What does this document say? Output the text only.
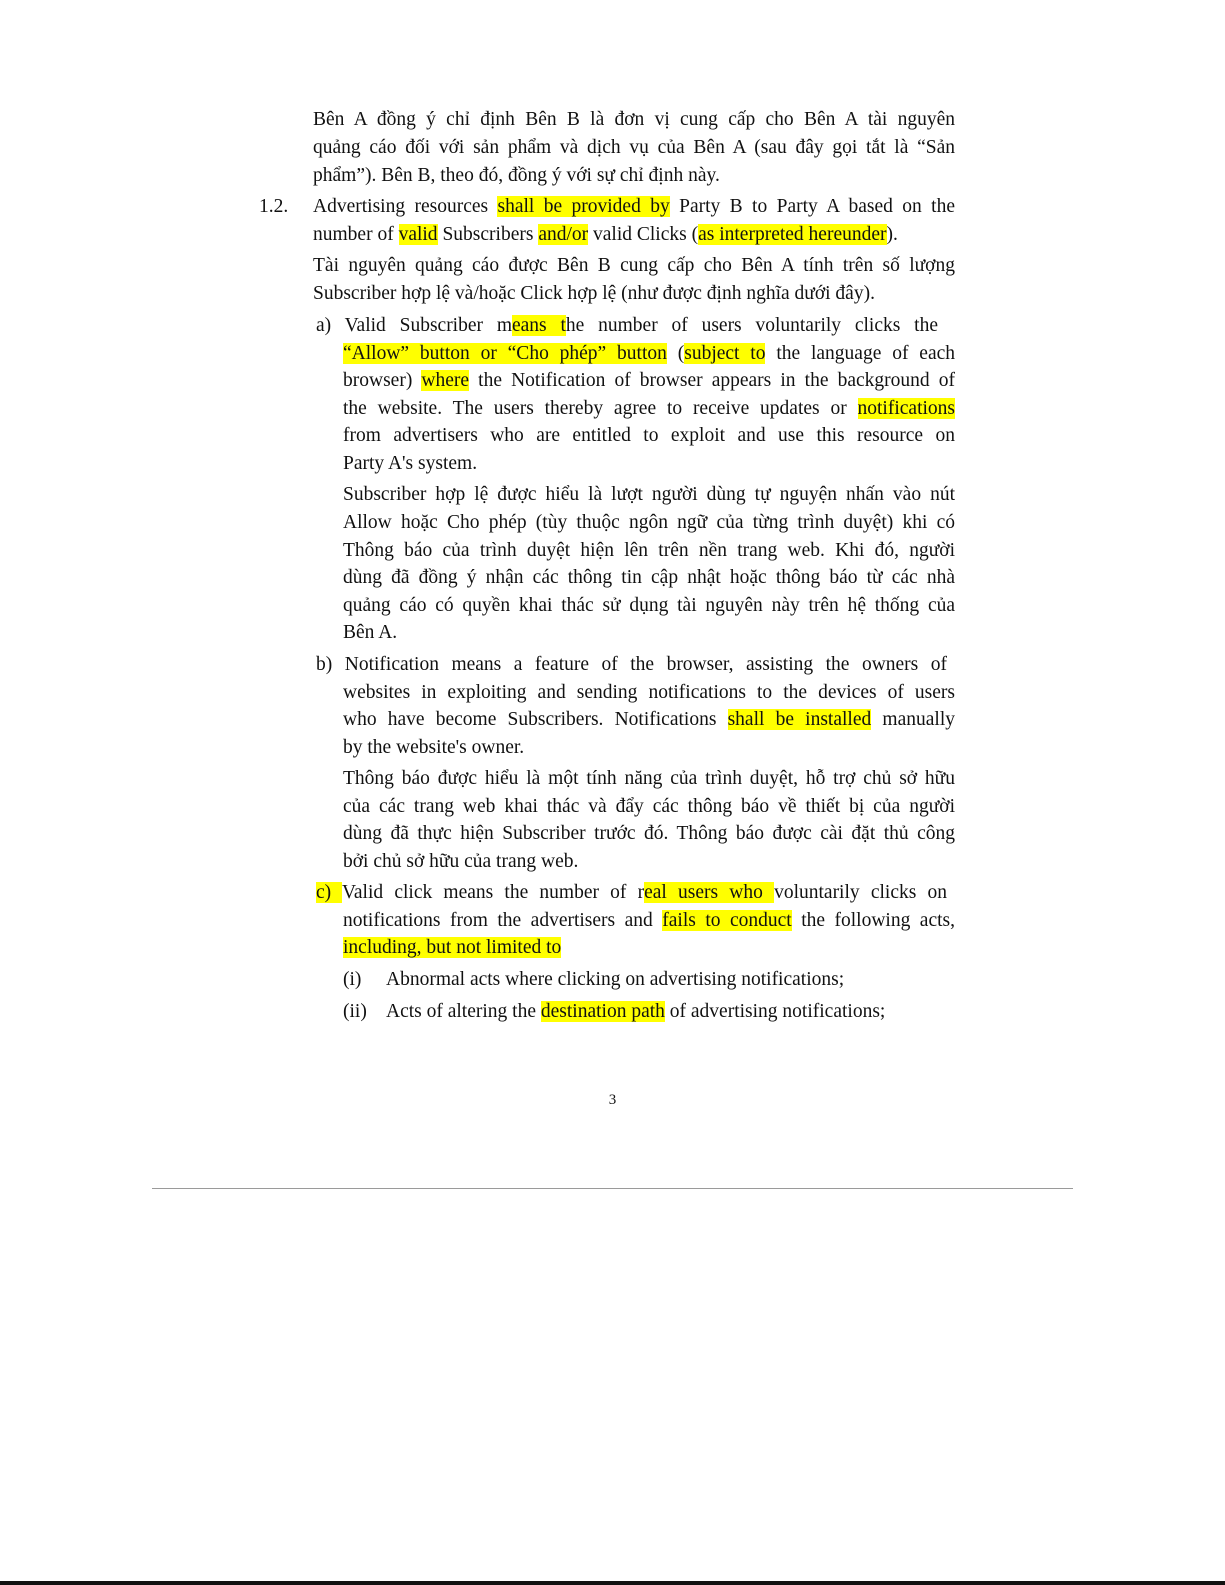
Bên A đồng ý chỉ định Bên B là đơn vị cung cấp cho Bên A tài nguyên
quảng cáo đối với sản phẩm và dịch vụ của Bên A (sau đây gọi tắt là “Sản
phẩm”). Bên B, theo đó, đồng ý với sự chỉ định này.
1.2. Advertising resources shall be provided by Party B to Party A based on the
number of valid Subscribers and/or valid Clicks (as interpreted hereunder).
Tài nguyên quảng cáo được Bên B cung cấp cho Bên A tính trên số lượng
Subscriber hợp lệ và/hoặc Click hợp lệ (như được định nghĩa dưới đây).
a) Valid Subscriber means the number of users voluntarily clicks the
“Allow” button or “Cho phép” button (subject to the language of each
browser) where the Notification of browser appears in the background of
the website. The users thereby agree to receive updates or notifications
from advertisers who are entitled to exploit and use this resource on
Party A's system.
Subscriber hợp lệ được hiểu là lượt người dùng tự nguyện nhấn vào nút
Allow hoặc Cho phép (tùy thuộc ngôn ngữ của từng trình duyệt) khi có
Thông báo của trình duyệt hiện lên trên nền trang web. Khi đó, người
dùng đã đồng ý nhận các thông tin cập nhật hoặc thông báo từ các nhà
quảng cáo có quyền khai thác sử dụng tài nguyên này trên hệ thống của
Bên A.
b) Notification means a feature of the browser, assisting the owners of
websites in exploiting and sending notifications to the devices of users
who have become Subscribers. Notifications shall be installed manually
by the website's owner.
Thông báo được hiểu là một tính năng của trình duyệt, hỗ trợ chủ sở hữu
của các trang web khai thác và đẩy các thông báo về thiết bị của người
dùng đã thực hiện Subscriber trước đó. Thông báo được cài đặt thủ công
bởi chủ sở hữu của trang web.
c) Valid click means the number of real users who voluntarily clicks on
notifications from the advertisers and fails to conduct the following acts,
including, but not limited to
(i) Abnormal acts where clicking on advertising notifications;
(ii) Acts of altering the destination path of advertising notifications;
3
